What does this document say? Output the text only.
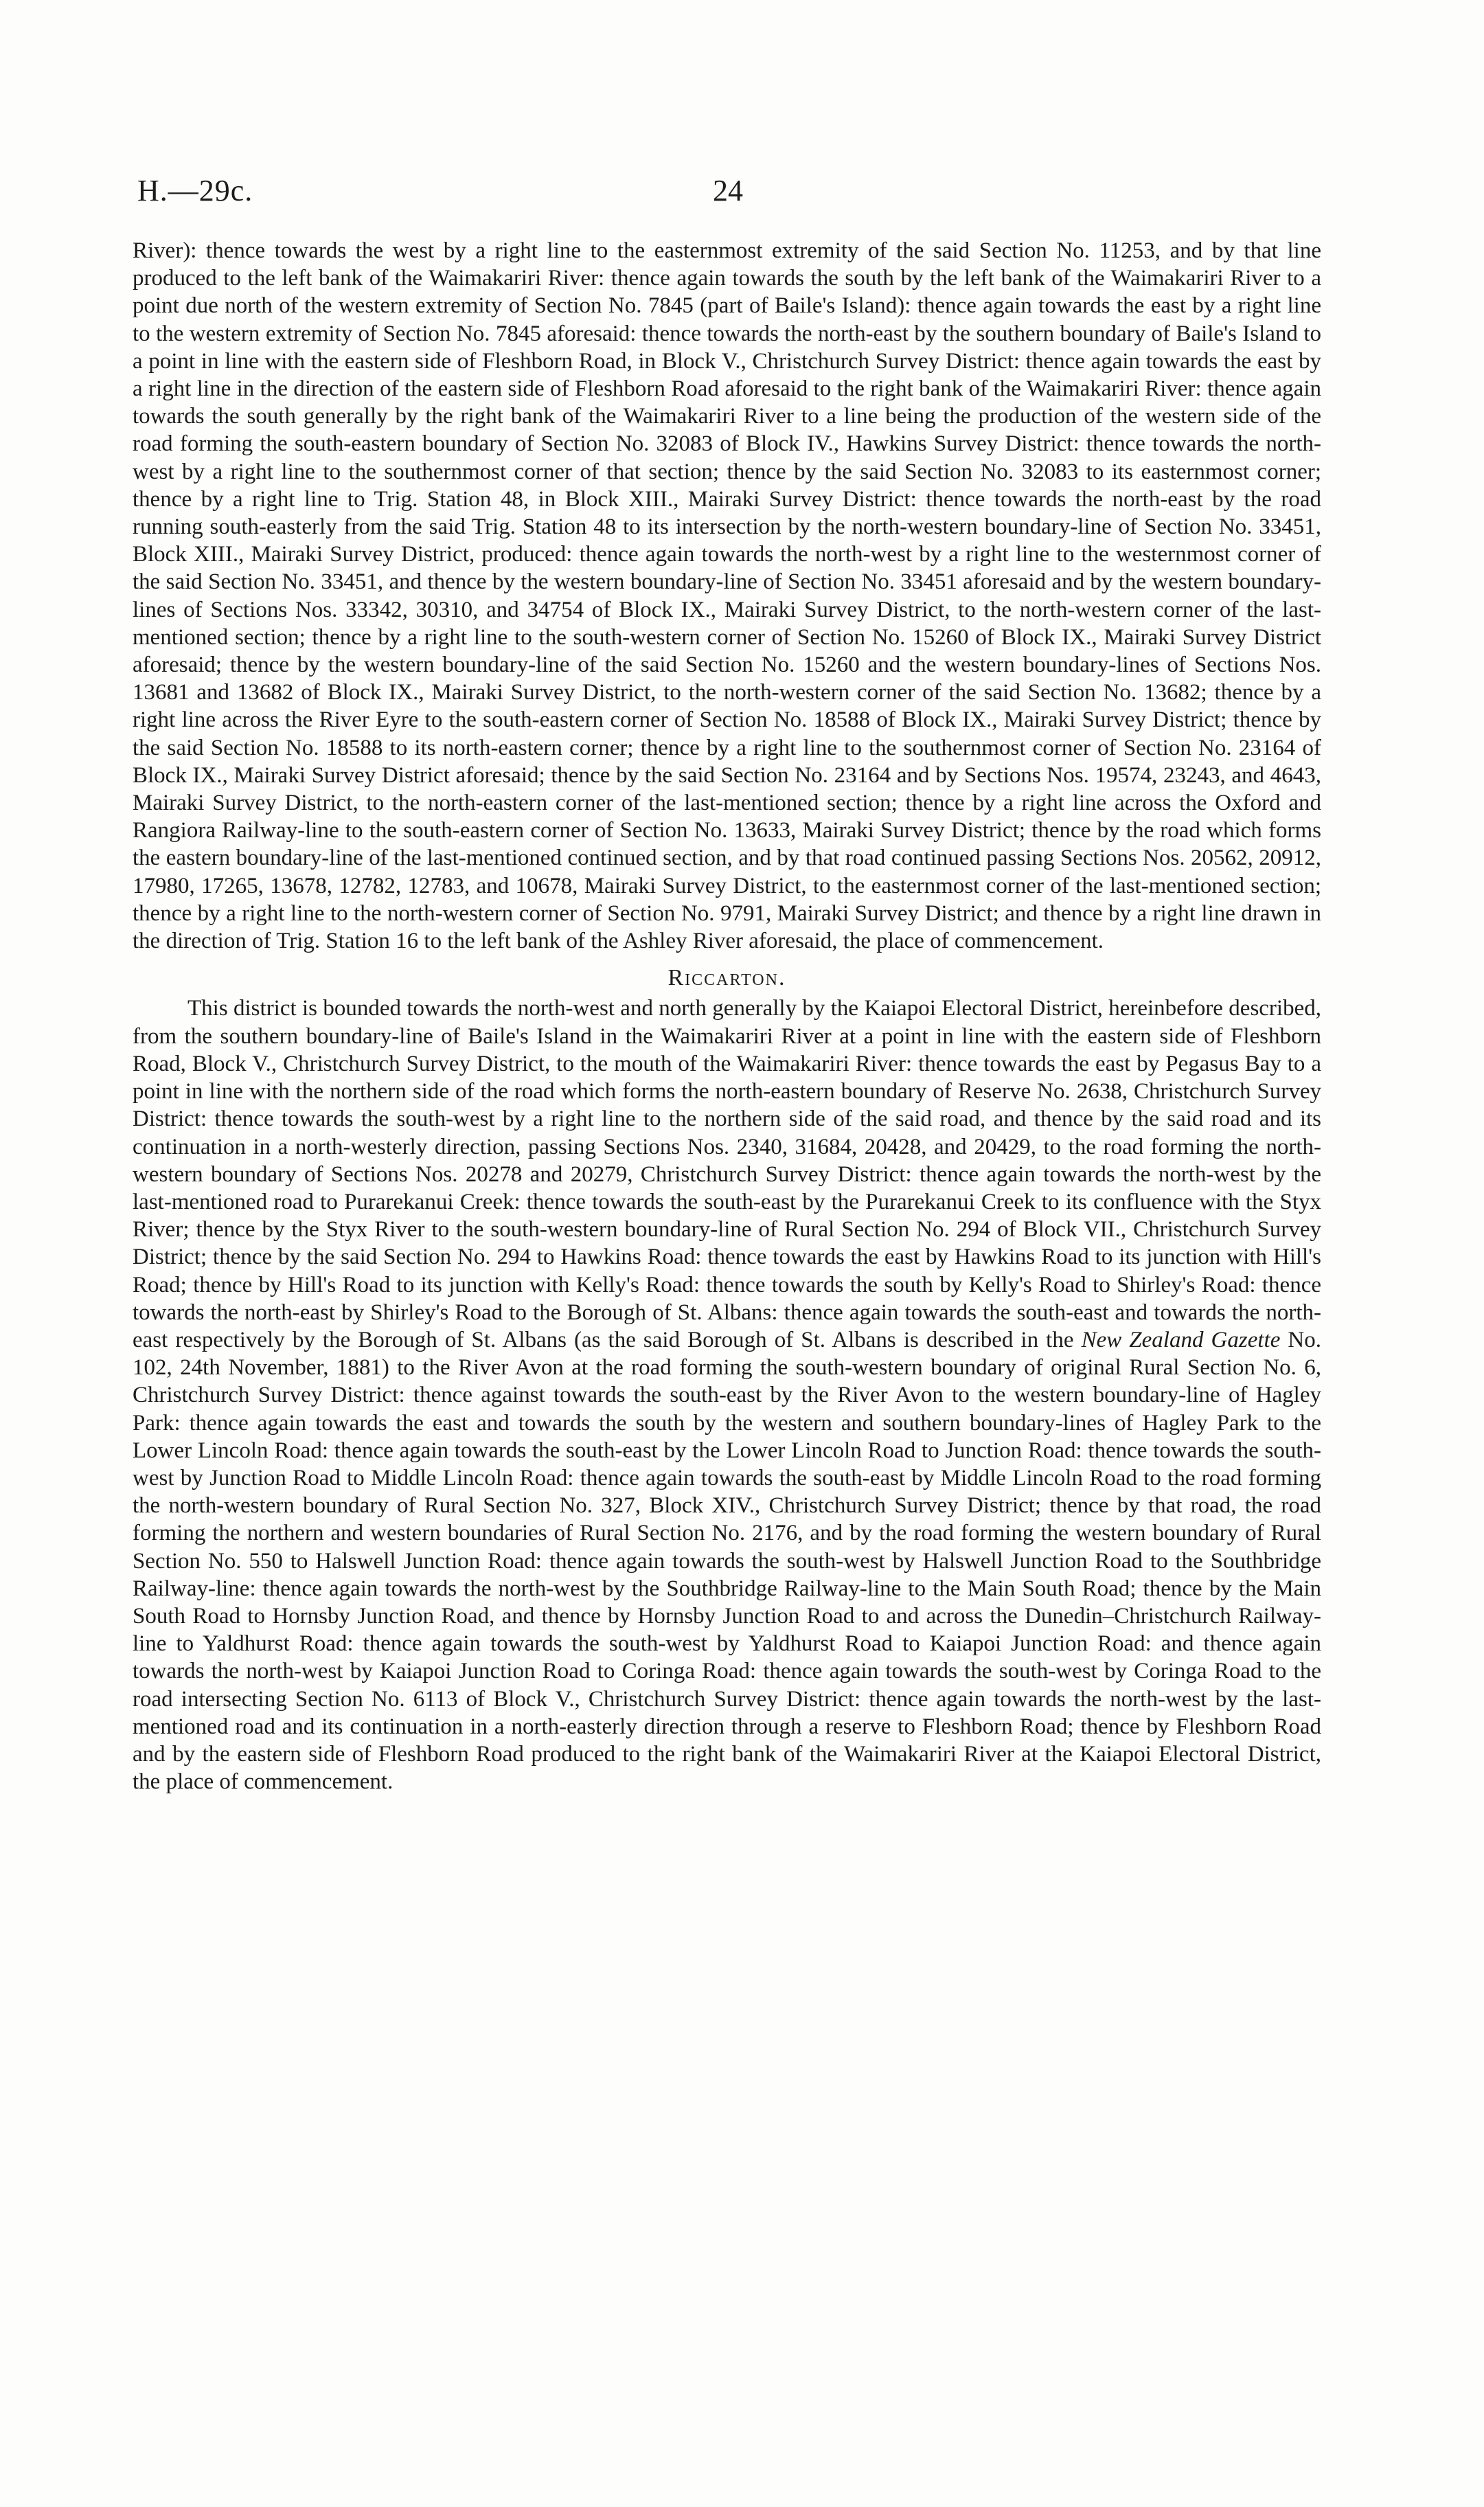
H.—29c.	24

River): thence towards the west by a right line to the easternmost extremity of the said Section No. 11253, and by that line produced to the left bank of the Waimakariri River: thence again towards the south by the left bank of the Waimakariri River to a point due north of the western extremity of Section No. 7845 (part of Baile's Island): thence again towards the east by a right line to the western extremity of Section No. 7845 aforesaid: thence towards the north-east by the southern boundary of Baile's Island to a point in line with the eastern side of Fleshborn Road, in Block V., Christchurch Survey District: thence again towards the east by a right line in the direction of the eastern side of Fleshborn Road aforesaid to the right bank of the Waimakariri River: thence again towards the south generally by the right bank of the Waimakariri River to a line being the production of the western side of the road forming the south-eastern boundary of Section No. 32083 of Block IV., Hawkins Survey District: thence towards the north-west by a right line to the southernmost corner of that section; thence by the said Section No. 32083 to its easternmost corner; thence by a right line to Trig. Station 48, in Block XIII., Mairaki Survey District: thence towards the north-east by the road running south-easterly from the said Trig. Station 48 to its intersection by the north-western boundary-line of Section No. 33451, Block XIII., Mairaki Survey District, produced: thence again towards the north-west by a right line to the westernmost corner of the said Section No. 33451, and thence by the western boundary-line of Section No. 33451 aforesaid and by the western boundary-lines of Sections Nos. 33342, 30310, and 34754 of Block IX., Mairaki Survey District, to the north-western corner of the last-mentioned section; thence by a right line to the south-western corner of Section No. 15260 of Block IX., Mairaki Survey District aforesaid; thence by the western boundary-line of the said Section No. 15260 and the western boundary-lines of Sections Nos. 13681 and 13682 of Block IX., Mairaki Survey District, to the north-western corner of the said Section No. 13682; thence by a right line across the River Eyre to the south-eastern corner of Section No. 18588 of Block IX., Mairaki Survey District; thence by the said Section No. 18588 to its north-eastern corner; thence by a right line to the southernmost corner of Section No. 23164 of Block IX., Mairaki Survey District aforesaid; thence by the said Section No. 23164 and by Sections Nos. 19574, 23243, and 4643, Mairaki Survey District, to the north-eastern corner of the last-mentioned section; thence by a right line across the Oxford and Rangiora Railway-line to the south-eastern corner of Section No. 13633, Mairaki Survey District; thence by the road which forms the eastern boundary-line of the last-mentioned continued section, and by that road continued passing Sections Nos. 20562, 20912, 17980, 17265, 13678, 12782, 12783, and 10678, Mairaki Survey District, to the easternmost corner of the last-mentioned section; thence by a right line to the north-western corner of Section No. 9791, Mairaki Survey District; and thence by a right line drawn in the direction of Trig. Station 16 to the left bank of the Ashley River aforesaid, the place of commencement.

Riccarton.

This district is bounded towards the north-west and north generally by the Kaiapoi Electoral District, hereinbefore described, from the southern boundary-line of Baile's Island in the Waimakariri River at a point in line with the eastern side of Fleshborn Road, Block V., Christchurch Survey District, to the mouth of the Waimakariri River: thence towards the east by Pegasus Bay to a point in line with the northern side of the road which forms the north-eastern boundary of Reserve No. 2638, Christchurch Survey District: thence towards the south-west by a right line to the northern side of the said road, and thence by the said road and its continuation in a north-westerly direction, passing Sections Nos. 2340, 31684, 20428, and 20429, to the road forming the north-western boundary of Sections Nos. 20278 and 20279, Christchurch Survey District: thence again towards the north-west by the last-mentioned road to Purarekanui Creek: thence towards the south-east by the Purarekanui Creek to its confluence with the Styx River; thence by the Styx River to the south-western boundary-line of Rural Section No. 294 of Block VII., Christchurch Survey District; thence by the said Section No. 294 to Hawkins Road: thence towards the east by Hawkins Road to its junction with Hill's Road; thence by Hill's Road to its junction with Kelly's Road: thence towards the south by Kelly's Road to Shirley's Road: thence towards the north-east by Shirley's Road to the Borough of St. Albans: thence again towards the south-east and towards the north-east respectively by the Borough of St. Albans (as the said Borough of St. Albans is described in the New Zealand Gazette No. 102, 24th November, 1881) to the River Avon at the road forming the south-western boundary of original Rural Section No. 6, Christchurch Survey District: thence against towards the south-east by the River Avon to the western boundary-line of Hagley Park: thence again towards the east and towards the south by the western and southern boundary-lines of Hagley Park to the Lower Lincoln Road: thence again towards the south-east by the Lower Lincoln Road to Junction Road: thence towards the south-west by Junction Road to Middle Lincoln Road: thence again towards the south-east by Middle Lincoln Road to the road forming the north-western boundary of Rural Section No. 327, Block XIV., Christchurch Survey District; thence by that road, the road forming the northern and western boundaries of Rural Section No. 2176, and by the road forming the western boundary of Rural Section No. 550 to Halswell Junction Road: thence again towards the south-west by Halswell Junction Road to the Southbridge Railway-line: thence again towards the north-west by the Southbridge Railway-line to the Main South Road; thence by the Main South Road to Hornsby Junction Road, and thence by Hornsby Junction Road to and across the Dunedin–Christchurch Railway-line to Yaldhurst Road: thence again towards the south-west by Yaldhurst Road to Kaiapoi Junction Road: and thence again towards the north-west by Kaiapoi Junction Road to Coringa Road: thence again towards the south-west by Coringa Road to the road intersecting Section No. 6113 of Block V., Christchurch Survey District: thence again towards the north-west by the last-mentioned road and its continuation in a north-easterly direction through a reserve to Fleshborn Road; thence by Fleshborn Road and by the eastern side of Fleshborn Road produced to the right bank of the Waimakariri River at the Kaiapoi Electoral District, the place of commencement.
